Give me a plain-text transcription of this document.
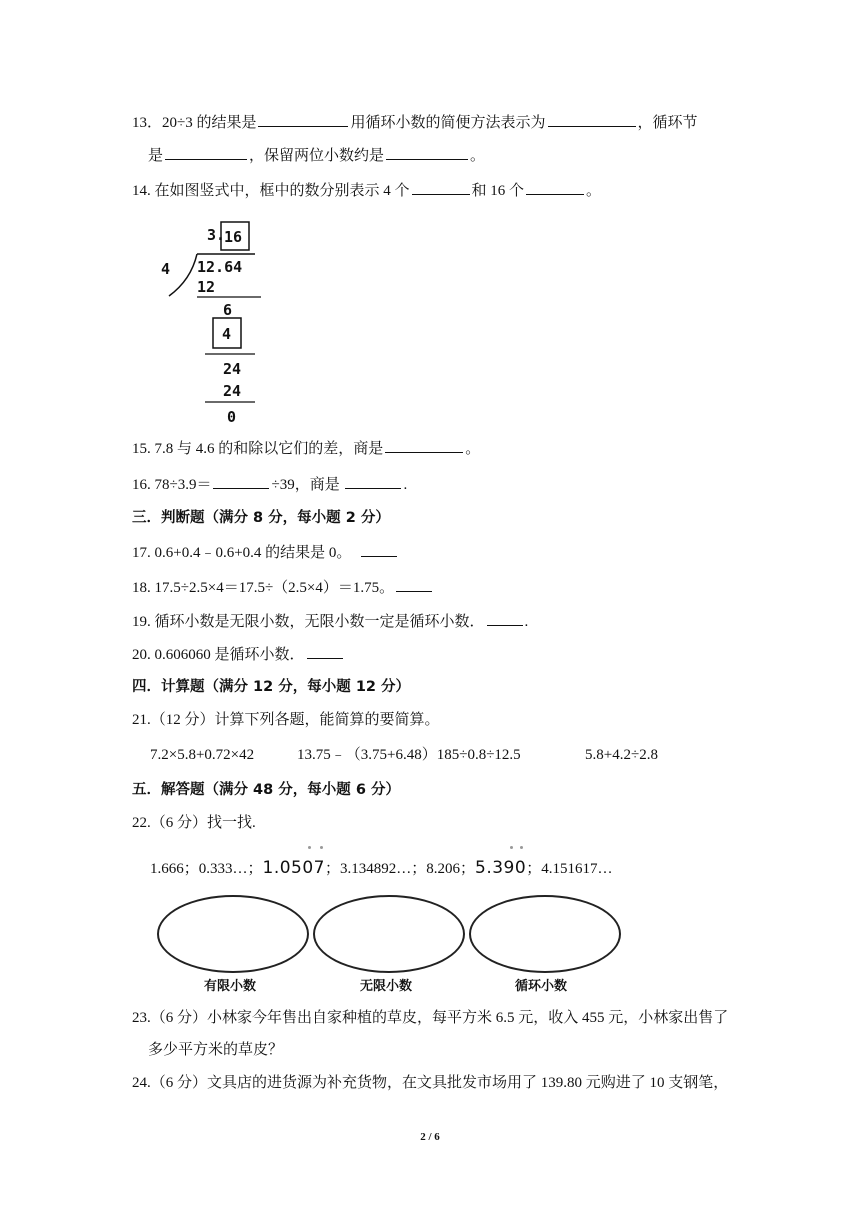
13．20÷3 的结果是	用循环小数的简便方法表示为	，循环节
是	，保留两位小数约是	。
14. 在如图竖式中，框中的数分别表示 4 个	和 16 个	。
3.
16
4 12.64
12
6
4
24
24
0
15. 7.8 与 4.6 的和除以它们的差，商是	。
16. 78÷3.9＝	÷39，商是	.
三．判断题（满分 8 分，每小题 2 分）
17. 0.6+0.4﹣0.6+0.4 的结果是 0。
18. 17.5÷2.5×4＝17.5÷（2.5×4）＝1.75。
19. 循环小数是无限小数，无限小数一定是循环小数．	.
20. 0.606060 是循环小数．
四．计算题（满分 12 分，每小题 12 分）
21.（12 分）计算下列各题，能简算的要简算。
7.2×5.8+0.72×42	13.75﹣（3.75+6.48）185÷0.8÷12.5	5.8+4.2÷2.8
五．解答题（满分 48 分，每小题 6 分）
22.（6 分）找一找.
1.666；0.333…；1.0507；3.134892…；8.206；5.390；4.151617…
有限小数	无限小数	循环小数
23.（6 分）小林家今年售出自家种植的草皮，每平方米 6.5 元，收入 455 元，小林家出售了
多少平方米的草皮？
24.（6 分）文具店的进货源为补充货物，在文具批发市场用了 139.80 元购进了 10 支钢笔，
2 / 6
